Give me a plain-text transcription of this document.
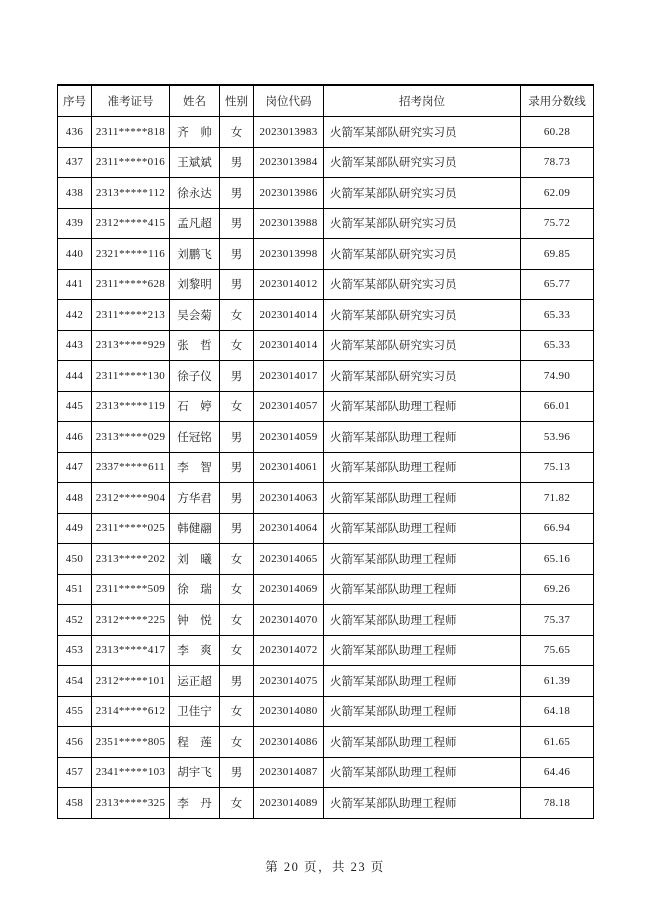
序号	准考证号	姓名	性别	岗位代码	招考岗位	录用分数线
436	2311*****818	齐　帅	女	2023013983	火箭军某部队研究实习员	60.28
437	2311*****016	王斌斌	男	2023013984	火箭军某部队研究实习员	78.73
438	2313*****112	徐永达	男	2023013986	火箭军某部队研究实习员	62.09
439	2312*****415	孟凡超	男	2023013988	火箭军某部队研究实习员	75.72
440	2321*****116	刘鹏飞	男	2023013998	火箭军某部队研究实习员	69.85
441	2311*****628	刘黎明	男	2023014012	火箭军某部队研究实习员	65.77
442	2311*****213	吴会菊	女	2023014014	火箭军某部队研究实习员	65.33
443	2313*****929	张　哲	女	2023014014	火箭军某部队研究实习员	65.33
444	2311*****130	徐子仪	男	2023014017	火箭军某部队研究实习员	74.90
445	2313*****119	石　婷	女	2023014057	火箭军某部队助理工程师	66.01
446	2313*****029	任冠铭	男	2023014059	火箭军某部队助理工程师	53.96
447	2337*****611	李　智	男	2023014061	火箭军某部队助理工程师	75.13
448	2312*****904	方华君	男	2023014063	火箭军某部队助理工程师	71.82
449	2311*****025	韩健翮	男	2023014064	火箭军某部队助理工程师	66.94
450	2313*****202	刘　曦	女	2023014065	火箭军某部队助理工程师	65.16
451	2311*****509	徐　瑞	女	2023014069	火箭军某部队助理工程师	69.26
452	2312*****225	钟　悦	女	2023014070	火箭军某部队助理工程师	75.37
453	2313*****417	李　爽	女	2023014072	火箭军某部队助理工程师	75.65
454	2312*****101	运正超	男	2023014075	火箭军某部队助理工程师	61.39
455	2314*****612	卫佳宁	女	2023014080	火箭军某部队助理工程师	64.18
456	2351*****805	程　莲	女	2023014086	火箭军某部队助理工程师	61.65
457	2341*****103	胡宇飞	男	2023014087	火箭军某部队助理工程师	64.46
458	2313*****325	李　丹	女	2023014089	火箭军某部队助理工程师	78.18
第 20 页，共 23 页
